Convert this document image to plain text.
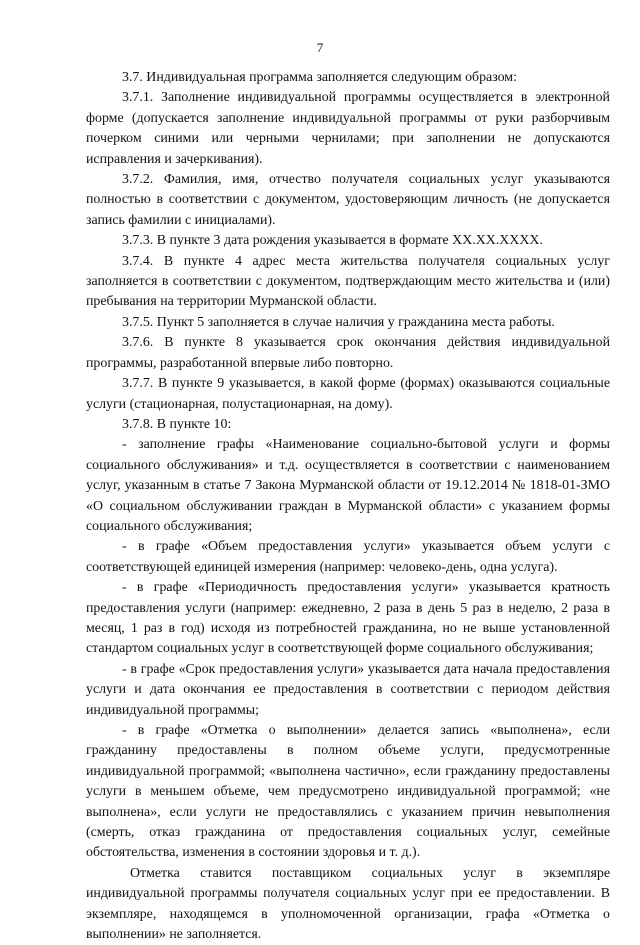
7

3.7. Индивидуальная программа заполняется следующим образом:

3.7.1. Заполнение индивидуальной программы осуществляется в электронной форме (допускается заполнение индивидуальной программы от руки разборчивым почерком синими или черными чернилами; при заполнении не допускаются исправления и зачеркивания).

3.7.2. Фамилия, имя, отчество получателя социальных услуг указываются полностью в соответствии с документом, удостоверяющим личность (не допускается запись фамилии с инициалами).

3.7.3. В пункте 3 дата рождения указывается в формате XX.XX.XXXX.

3.7.4. В пункте 4 адрес места жительства получателя социальных услуг заполняется в соответствии с документом, подтверждающим место жительства и (или) пребывания на территории Мурманской области.

3.7.5. Пункт 5 заполняется в случае наличия у гражданина места работы.

3.7.6. В пункте 8 указывается срок окончания действия индивидуальной программы, разработанной впервые либо повторно.

3.7.7. В пункте 9 указывается, в какой форме (формах) оказываются социальные услуги (стационарная, полустационарная, на дому).

3.7.8. В пункте 10:

- заполнение графы «Наименование социально-бытовой услуги и формы социального обслуживания» и т.д. осуществляется в соответствии с наименованием услуг, указанным в статье 7 Закона Мурманской области от 19.12.2014 № 1818-01-ЗМО «О социальном обслуживании граждан в Мурманской области» с указанием формы социального обслуживания;

- в графе «Объем предоставления услуги» указывается объем услуги с соответствующей единицей измерения (например: человеко-день, одна услуга).

- в графе «Периодичность предоставления услуги» указывается кратность предоставления услуги (например: ежедневно, 2 раза в день 5 раз в неделю, 2 раза в месяц, 1 раз в год) исходя из потребностей гражданина, но не выше установленной стандартом социальных услуг в соответствующей форме социального обслуживания;

- в графе «Срок предоставления услуги» указывается дата начала предоставления услуги и дата окончания ее предоставления в соответствии с периодом действия индивидуальной программы;

- в графе «Отметка о выполнении» делается запись «выполнена», если гражданину предоставлены в полном объеме услуги, предусмотренные индивидуальной программой; «выполнена частично», если гражданину предоставлены услуги в меньшем объеме, чем предусмотрено индивидуальной программой; «не выполнена», если услуги не предоставлялись с указанием причин невыполнения (смерть, отказ гражданина от предоставления социальных услуг, семейные обстоятельства, изменения в состоянии здоровья и т. д.).

Отметка ставится поставщиком социальных услуг в экземпляре индивидуальной программы получателя социальных услуг при ее предоставлении. В экземпляре, находящемся в уполномоченной организации, графа «Отметка о выполнении» не заполняется.
